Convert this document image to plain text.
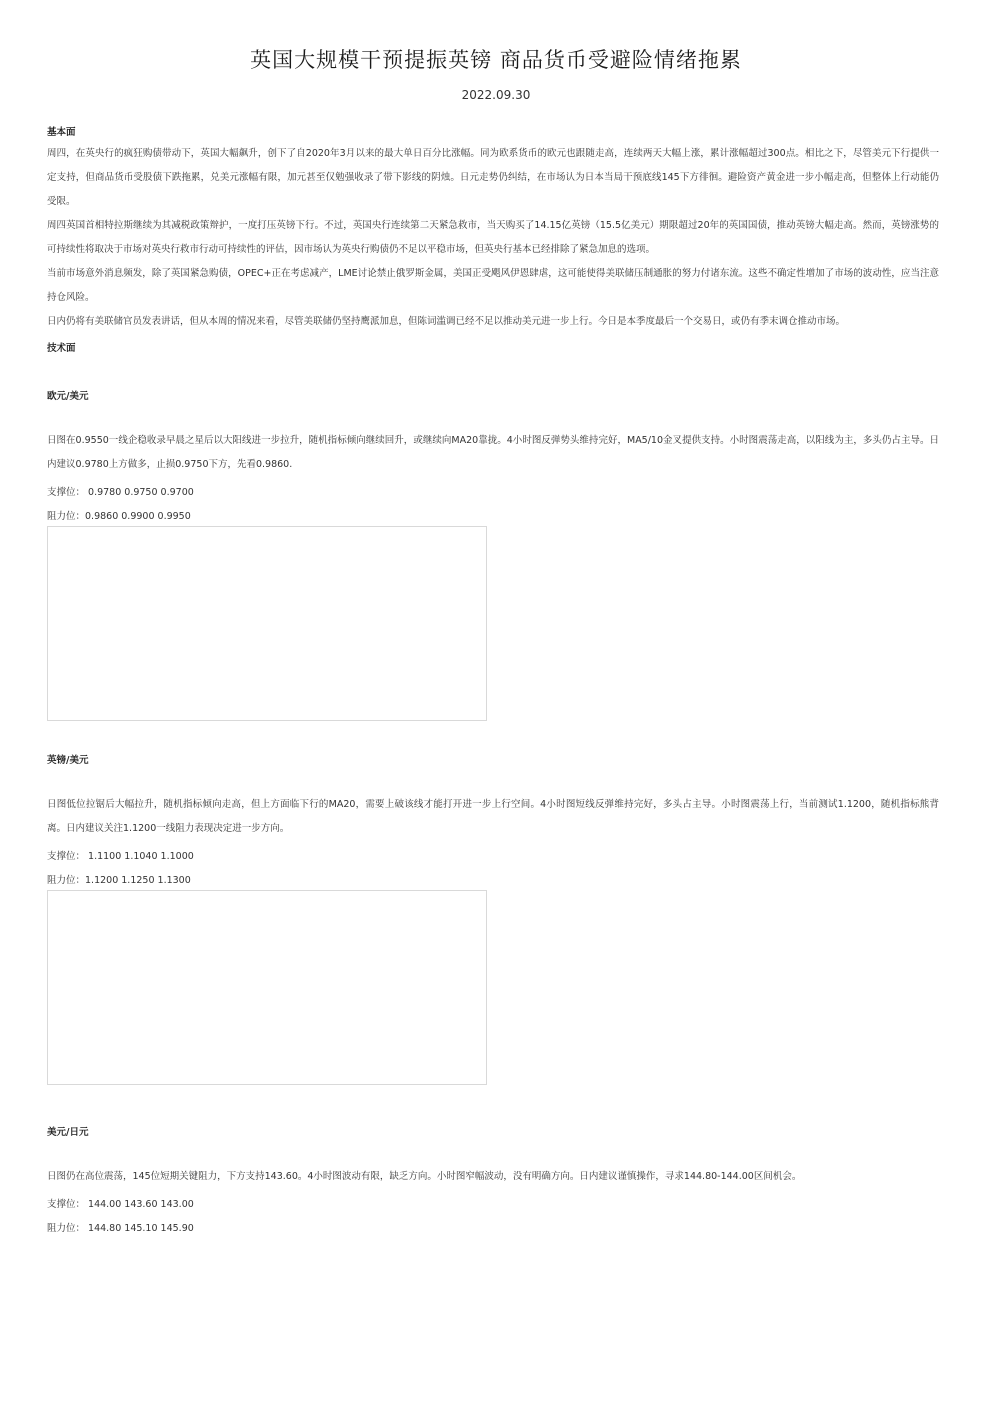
英国大规模干预提振英镑 商品货币受避险情绪拖累
2022.09.30
基本面

周四，在英央行的疯狂购债带动下，英国大幅飙升，创下了自2020年3月以来的最大单日百分比涨幅。同为欧系货币的欧元也跟随走高，连续两天大幅上涨，累计涨幅超过300点。相比之下，尽管美元下行提供一定支持，但商品货币受股债下跌拖累，兑美元涨幅有限，加元甚至仅勉强收录了带下影线的阴烛。日元走势仍纠结，在市场认为日本当局干预底线145下方徘徊。避险资产黄金进一步小幅走高，但整体上行动能仍受限。

周四英国首相特拉斯继续为其减税政策辩护，一度打压英镑下行。不过，英国央行连续第二天紧急救市，当天购买了14.15亿英镑（15.5亿美元）期限超过20年的英国国债，推动英镑大幅走高。然而，英镑涨势的可持续性将取决于市场对英央行救市行动可持续性的评估，因市场认为英央行购债仍不足以平稳市场，但英央行基本已经排除了紧急加息的选项。

当前市场意外消息频发，除了英国紧急购债，OPEC+正在考虑减产，LME讨论禁止俄罗斯金属，美国正受飓风伊恩肆虐，这可能使得美联储压制通胀的努力付诸东流。这些不确定性增加了市场的波动性，应当注意持仓风险。

日内仍将有美联储官员发表讲话，但从本周的情况来看，尽管美联储仍坚持鹰派加息，但陈词滥调已经不足以推动美元进一步上行。今日是本季度最后一个交易日，或仍有季末调仓推动市场。

技术面
欧元/美元

日图在0.9550一线企稳收录早晨之星后以大阳线进一步拉升，随机指标倾向继续回升，或继续向MA20靠拢。4小时图反弹势头维持完好，MA5/10金叉提供支持。小时图震荡走高，以阳线为主，多头仍占主导。日内建议0.9780上方做多，止损0.9750下方，先看0.9860.

支撑位： 0.9780 0.9750 0.9700
阻力位：0.9860 0.9900 0.9950
英镑/美元

日图低位拉锯后大幅拉升，随机指标倾向走高，但上方面临下行的MA20，需要上破该线才能打开进一步上行空间。4小时图短线反弹维持完好，多头占主导。小时图震荡上行，当前测试1.1200，随机指标熊背离。日内建议关注1.1200一线阻力表现决定进一步方向。

支撑位： 1.1100 1.1040 1.1000
阻力位：1.1200 1.1250 1.1300
美元/日元

日图仍在高位震荡，145位短期关键阻力，下方支持143.60。4小时图波动有限，缺乏方向。小时图窄幅波动，没有明确方向。日内建议谨慎操作，寻求144.80-144.00区间机会。

支撑位： 144.00 143.60 143.00
阻力位： 144.80 145.10 145.90
